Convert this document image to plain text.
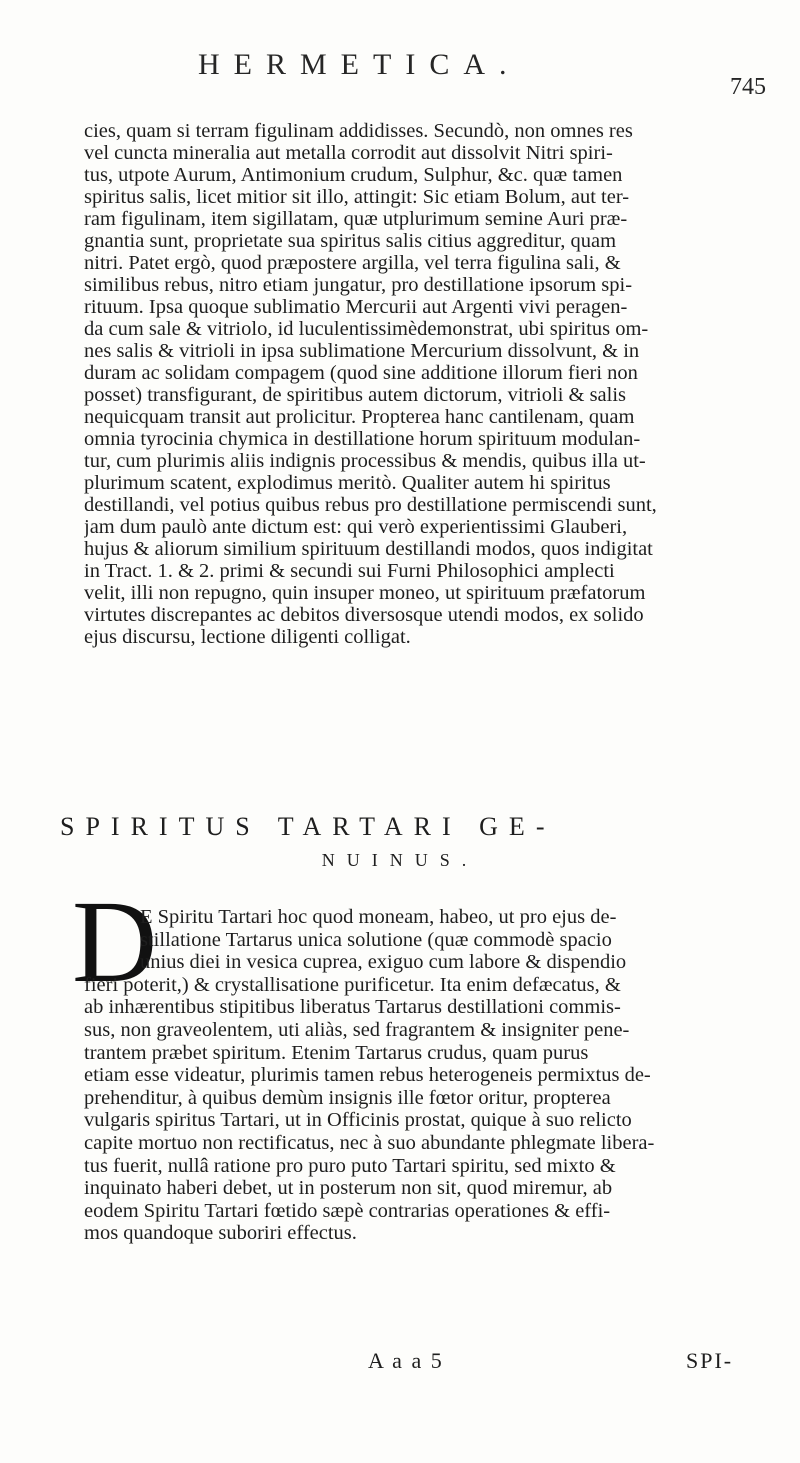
HERMETICA.
745
cies, quam si terram figulinam addidisses. Secundò, non omnes res
vel cuncta mineralia aut metalla corrodit aut dissolvit Nitri spiri-
tus, utpote Aurum, Antimonium crudum, Sulphur, &c. quæ tamen
spiritus salis, licet mitior sit illo, attingit: Sic etiam Bolum, aut ter-
ram figulinam, item sigillatam, quæ utplurimum semine Auri præ-
gnantia sunt, proprietate sua spiritus salis citius aggreditur, quam
nitri. Patet ergò, quod præpostere argilla, vel terra figulina sali, &
similibus rebus, nitro etiam jungatur, pro destillatione ipsorum spi-
rituum. Ipsa quoque sublimatio Mercurii aut Argenti vivi peragen-
da cum sale & vitriolo, id luculentissimèdemonstrat, ubi spiritus om-
nes salis & vitrioli in ipsa sublimatione Mercurium dissolvunt, & in
duram ac solidam compagem (quod sine additione illorum fieri non
posset) transfigurant, de spiritibus autem dictorum, vitrioli & salis
nequicquam transit aut prolicitur. Propterea hanc cantilenam, quam
omnia tyrocinia chymica in destillatione horum spirituum modulan-
tur, cum plurimis aliis indignis processibus & mendis, quibus illa ut-
plurimum scatent, explodimus meritò. Qualiter autem hi spiritus
destillandi, vel potius quibus rebus pro destillatione permiscendi sunt,
jam dum paulò ante dictum est: qui verò experientissimi Glauberi,
hujus & aliorum similium spirituum destillandi modos, quos indigitat
in Tract. 1. & 2. primi & secundi sui Furni Philosophici amplecti
velit, illi non repugno, quin insuper moneo, ut spirituum præfatorum
virtutes discrepantes ac debitos diversosque utendi modos, ex solido
ejus discursu, lectione diligenti colligat.
SPIRITUS TARTARI GE-
NUINUS.
D
E Spiritu Tartari hoc quod moneam, habeo, ut pro ejus de-
stillatione Tartarus unica solutione (quæ commodè spacio
unius diei in vesica cuprea, exiguo cum labore & dispendio
fieri poterit,) & crystallisatione purificetur. Ita enim defæcatus, &
ab inhærentibus stipitibus liberatus Tartarus destillationi commis-
sus, non graveolentem, uti aliàs, sed fragrantem & insigniter pene-
trantem præbet spiritum. Etenim Tartarus crudus, quam purus
etiam esse videatur, plurimis tamen rebus heterogeneis permixtus de-
prehenditur, à quibus demùm insignis ille fœtor oritur, propterea
vulgaris spiritus Tartari, ut in Officinis prostat, quique à suo relicto
capite mortuo non rectificatus, nec à suo abundante phlegmate libera-
tus fuerit, nullâ ratione pro puro puto Tartari spiritu, sed mixto &
inquinato haberi debet, ut in posterum non sit, quod miremur, ab
eodem Spiritu Tartari fœtido sæpè contrarias operationes & effi-
mos quandoque suboriri effectus.
A a a 5	SPI-
